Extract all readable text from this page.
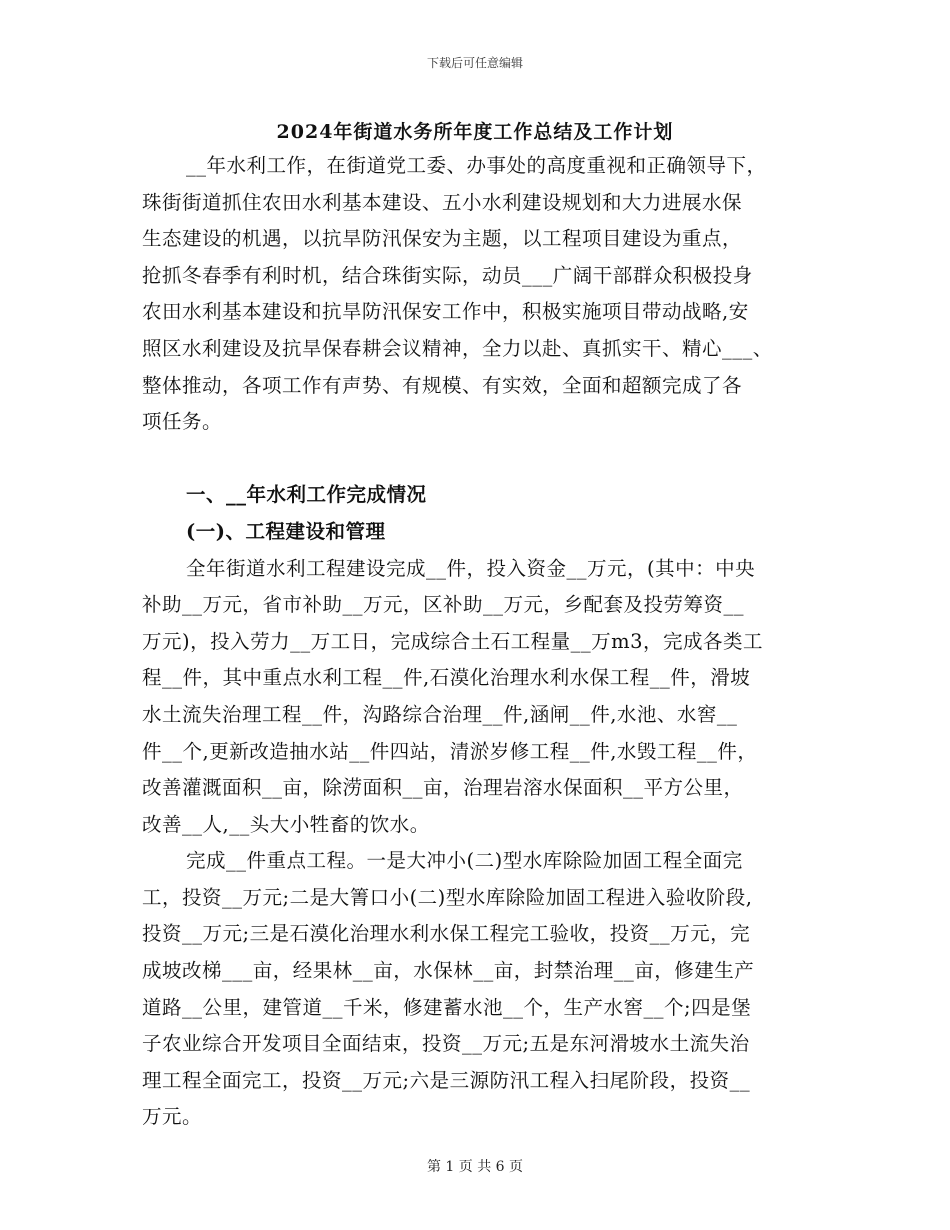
下载后可任意编辑
2024年街道水务所年度工作总结及工作计划
__年水利工作，在街道党工委、办事处的高度重视和正确领导下，
珠街街道抓住农田水利基本建设、五小水利建设规划和大力进展水保
生态建设的机遇，以抗旱防汛保安为主题，以工程项目建设为重点，
抢抓冬春季有利时机，结合珠街实际，动员___广阔干部群众积极投身
农田水利基本建设和抗旱防汛保安工作中，积极实施项目带动战略,安
照区水利建设及抗旱保春耕会议精神，全力以赴、真抓实干、精心___、
整体推动，各项工作有声势、有规模、有实效，全面和超额完成了各
项任务。
一、__年水利工作完成情况
(一)、工程建设和管理
全年街道水利工程建设完成__件，投入资金__万元，(其中：中央
补助__万元，省市补助__万元，区补助__万元，乡配套及投劳筹资__
万元)，投入劳力__万工日，完成综合土石工程量__万m3，完成各类工
程__件，其中重点水利工程__件,石漠化治理水利水保工程__件，滑坡
水土流失治理工程__件，沟路综合治理__件,涵闸__件,水池、水窖__
件__个,更新改造抽水站__件四站，清淤岁修工程__件,水毁工程__件，
改善灌溉面积__亩，除涝面积__亩，治理岩溶水保面积__平方公里，
改善__人,__头大小牲畜的饮水。
完成__件重点工程。一是大冲小(二)型水库除险加固工程全面完
工，投资__万元;二是大箐口小(二)型水库除险加固工程进入验收阶段,
投资__万元;三是石漠化治理水利水保工程完工验收，投资__万元，完
成坡改梯___亩，经果林__亩，水保林__亩，封禁治理__亩，修建生产
道路__公里，建管道__千米，修建蓄水池__个，生产水窖__个;四是堡
子农业综合开发项目全面结束，投资__万元;五是东河滑坡水土流失治
理工程全面完工，投资__万元;六是三源防汛工程入扫尾阶段，投资__
万元。
第 1 页 共 6 页
